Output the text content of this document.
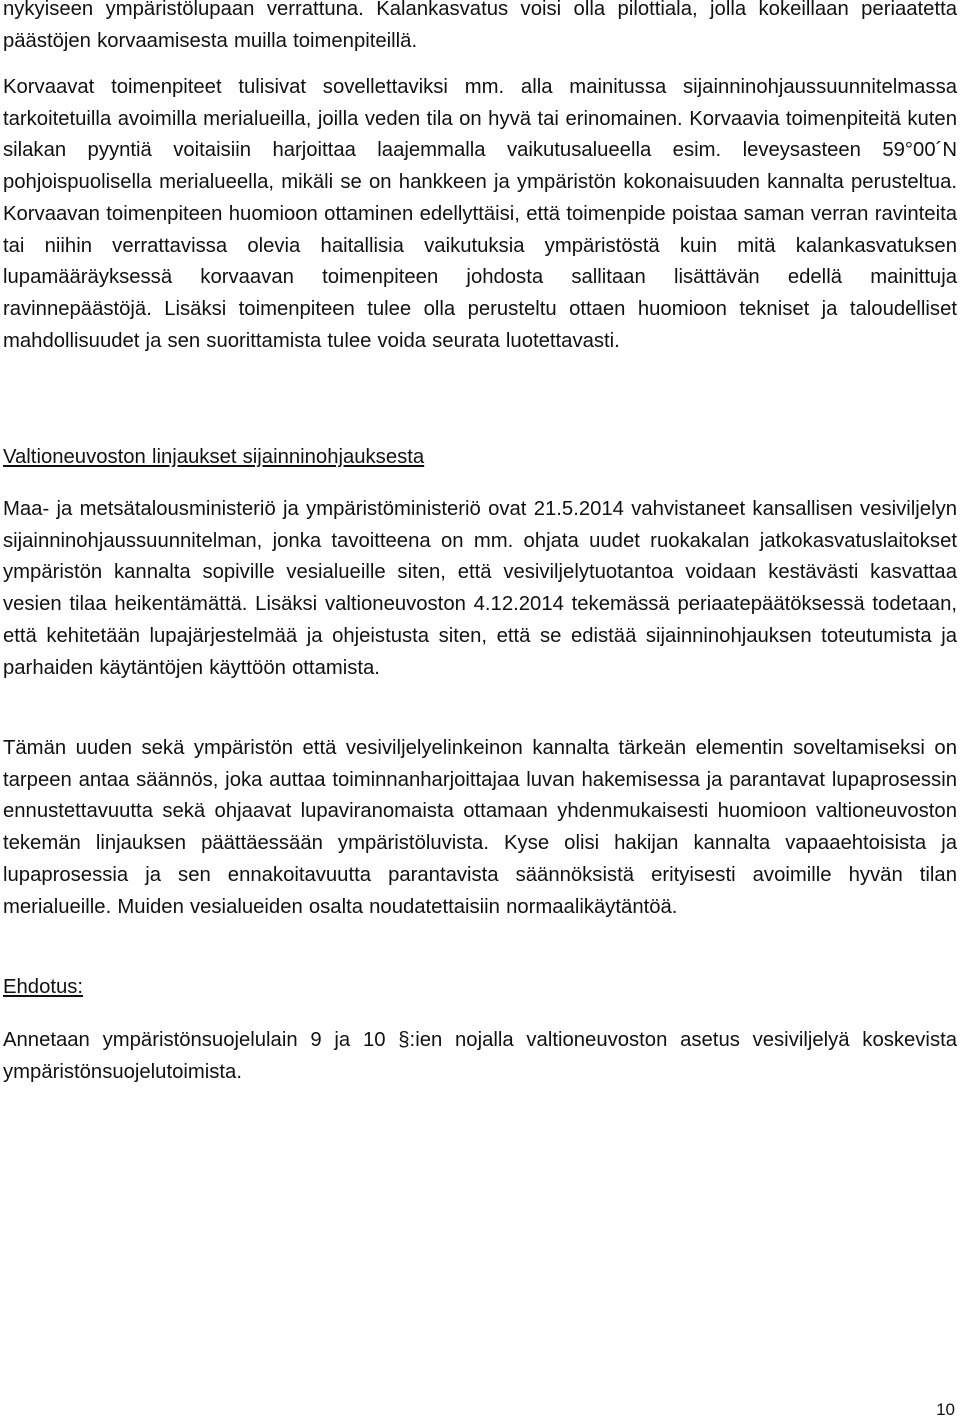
nykyiseen ympäristölupaan verrattuna. Kalankasvatus voisi olla pilottiala, jolla kokeillaan periaatetta päästöjen korvaamisesta muilla toimenpiteillä.

Korvaavat toimenpiteet tulisivat sovellettaviksi mm. alla mainitussa sijainninohjaussuunnitelmassa tarkoitetuilla avoimilla merialueilla, joilla veden tila on hyvä tai erinomainen. Korvaavia toimenpiteitä kuten silakan pyyntiä voitaisiin harjoittaa laajemmalla vaikutusalueella esim. leveysasteen 59°00´N pohjoispuolisella merialueella, mikäli se on hankkeen ja ympäristön kokonaisuuden kannalta perusteltua. Korvaavan toimenpiteen huomioon ottaminen edellyttäisi, että toimenpide poistaa saman verran ravinteita tai niihin verrattavissa olevia haitallisia vaikutuksia ympäristöstä kuin mitä kalankasvatuksen lupamääräyksessä korvaavan toimenpiteen johdosta sallitaan lisättävän edellä mainittuja ravinnepäästöjä. Lisäksi toimenpiteen tulee olla perusteltu ottaen huomioon tekniset ja taloudelliset mahdollisuudet ja sen suorittamista tulee voida seurata luotettavasti.

Valtioneuvoston linjaukset sijainninohjauksesta

Maa- ja metsätalousministeriö ja ympäristöministeriö ovat 21.5.2014 vahvistaneet kansallisen vesiviljelyn sijainninohjaussuunnitelman, jonka tavoitteena on mm. ohjata uudet ruokakalan jatkokasvatuslaitokset ympäristön kannalta sopiville vesialueille siten, että vesiviljelytuotantoa voidaan kestävästi kasvattaa vesien tilaa heikentämättä. Lisäksi valtioneuvoston 4.12.2014 tekemässä periaatepäätöksessä todetaan, että kehitetään lupajärjestelmää ja ohjeistusta siten, että se edistää sijainninohjauksen toteutumista ja parhaiden käytäntöjen käyttöön ottamista.

Tämän uuden sekä ympäristön että vesiviljelyelinkeinon kannalta tärkeän elementin soveltamiseksi on tarpeen antaa säännös, joka auttaa toiminnanharjoittajaa luvan hakemisessa ja parantavat lupaprosessin ennustettavuutta sekä ohjaavat lupaviranomaista ottamaan yhdenmukaisesti huomioon valtioneuvoston tekemän linjauksen päättäessään ympäristöluvista. Kyse olisi hakijan kannalta vapaaehtoisista ja lupaprosessia ja sen ennakoitavuutta parantavista säännöksistä erityisesti avoimille hyvän tilan merialueille. Muiden vesialueiden osalta noudatettaisiin normaalikäytäntöä.

Ehdotus:

Annetaan ympäristönsuojelulain 9 ja 10 §:ien nojalla valtioneuvoston asetus vesiviljelyä koskevista ympäristönsuojelutoimista.

10
